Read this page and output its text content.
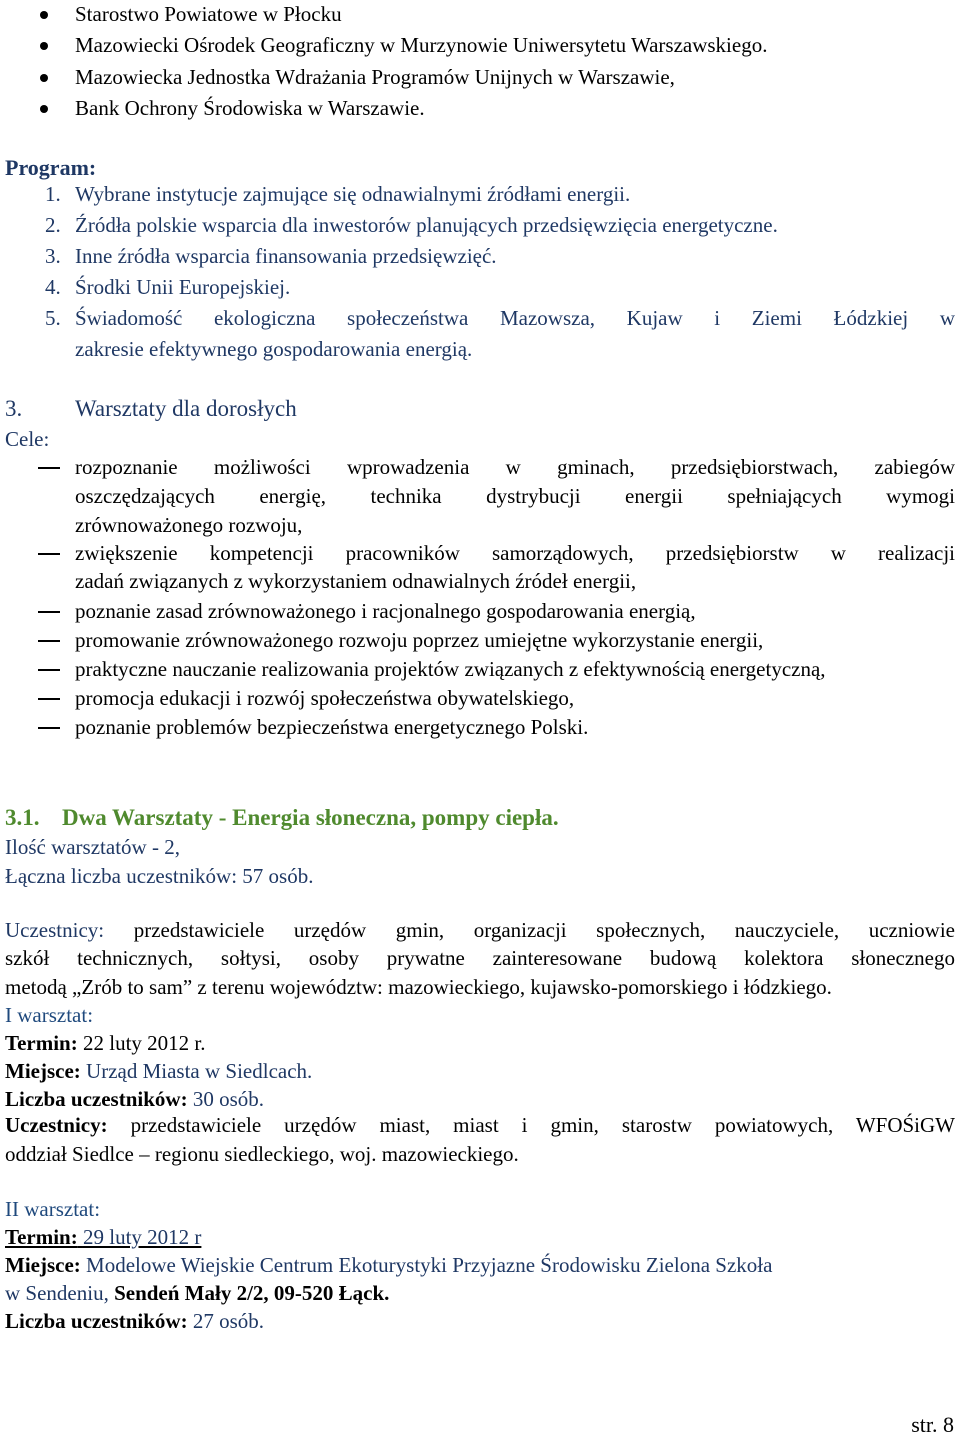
Starostwo Powiatowe w Płocku
Mazowiecki Ośrodek Geograficzny w Murzynowie Uniwersytetu Warszawskiego.
Mazowiecka Jednostka Wdrażania Programów Unijnych w Warszawie,
Bank Ochrony Środowiska w Warszawie.
Program:
1. Wybrane instytucje zajmujące się odnawialnymi źródłami energii.
2. Źródła polskie wsparcia dla inwestorów planujących przedsięwzięcia energetyczne.
3. Inne źródła wsparcia finansowania przedsięwzięć.
4. Środki Unii Europejskiej.
5. Świadomość ekologiczna społeczeństwa Mazowsza, Kujaw i Ziemi Łódzkiej w
zakresie efektywnego gospodarowania energią.
3. Warsztaty dla dorosłych
Cele:
rozpoznanie możliwości wprowadzenia w gminach, przedsiębiorstwach, zabiegów
oszczędzających energię, technika dystrybucji energii spełniających wymogi
zrównoważonego rozwoju,
zwiększenie kompetencji pracowników samorządowych, przedsiębiorstw w realizacji
zadań związanych z wykorzystaniem odnawialnych źródeł energii,
poznanie zasad zrównoważonego i racjonalnego gospodarowania energią,
promowanie zrównoważonego rozwoju poprzez umiejętne wykorzystanie energii,
praktyczne nauczanie realizowania projektów związanych z efektywnością energetyczną,
promocja edukacji i rozwój społeczeństwa obywatelskiego,
poznanie problemów bezpieczeństwa energetycznego Polski.
3.1. Dwa Warsztaty - Energia słoneczna, pompy ciepła.
Ilość warsztatów - 2,
Łączna liczba uczestników: 57 osób.
Uczestnicy: przedstawiciele urzędów gmin, organizacji społecznych, nauczyciele, uczniowie
szkół technicznych, sołtysi, osoby prywatne zainteresowane budową kolektora słonecznego
metodą „Zrób to sam” z terenu województw: mazowieckiego, kujawsko-pomorskiego i łódzkiego.
I warsztat:
Termin: 22 luty 2012 r.
Miejsce: Urząd Miasta w Siedlcach.
Liczba uczestników: 30 osób.
Uczestnicy: przedstawiciele urzędów miast, miast i gmin, starostw powiatowych, WFOŚiGW
oddział Siedlce – regionu siedleckiego, woj. mazowieckiego.
II warsztat:
Termin: 29 luty 2012 r
Miejsce: Modelowe Wiejskie Centrum Ekoturystyki Przyjazne Środowisku Zielona Szkoła
w Sendeniu, Sendeń Mały 2/2, 09-520 Łąck.
Liczba uczestników: 27 osób.
str. 8
